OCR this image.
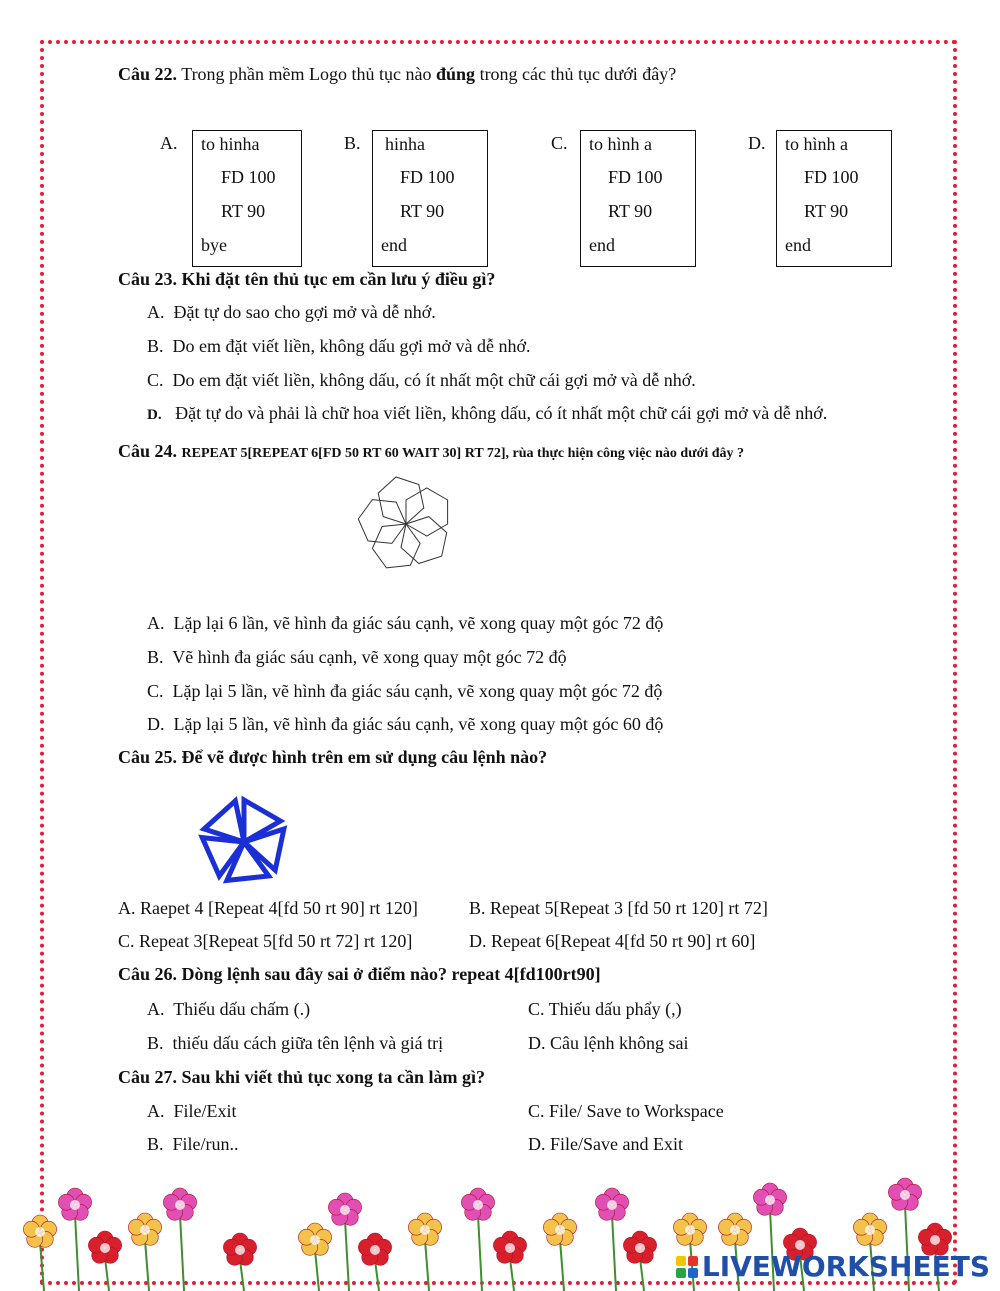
Câu 22. Trong phần mềm Logo thủ tục nào đúng trong các thủ tục dưới đây?
A. to hinha
FD 100
RT 90
bye
B. hinha
FD 100
RT 90
end
C. to hình a
FD 100
RT 90
end
D. to hình a
FD 100
RT 90
end
Câu 23. Khi đặt tên thủ tục em cần lưu ý điều gì?
A. Đặt tự do sao cho gợi mở và dễ nhớ.
B. Do em đặt viết liền, không dấu gợi mở và dễ nhớ.
C. Do em đặt viết liền, không dấu, có ít nhất một chữ cái gợi mở và dễ nhớ.
D. Đặt tự do và phải là chữ hoa viết liền, không dấu, có ít nhất một chữ cái gợi mở và dễ nhớ.
Câu 24. REPEAT 5[REPEAT 6[FD 50 RT 60 WAIT 30] RT 72], rùa thực hiện công việc nào dưới đây ?
A. Lặp lại 6 lần, vẽ hình đa giác sáu cạnh, vẽ xong quay một góc 72 độ
B. Vẽ hình đa giác sáu cạnh, vẽ xong quay một góc 72 độ
C. Lặp lại 5 lần, vẽ hình đa giác sáu cạnh, vẽ xong quay một góc 72 độ
D. Lặp lại 5 lần, vẽ hình đa giác sáu cạnh, vẽ xong quay một góc 60 độ
Câu 25. Để vẽ được hình trên em sử dụng câu lệnh nào?
A. Raepet 4 [Repeat 4[fd 50 rt 90] rt 120]	B. Repeat 5[Repeat 3 [fd 50 rt 120] rt 72]
C. Repeat 3[Repeat 5[fd 50 rt 72] rt 120]	D. Repeat 6[Repeat 4[fd 50 rt 90] rt 60]
Câu 26. Dòng lệnh sau đây sai ở điểm nào? repeat 4[fd100rt90]
A. Thiếu dấu chấm (.)	C. Thiếu dấu phẩy (,)
B. thiếu dấu cách giữa tên lệnh và giá trị	D. Câu lệnh không sai
Câu 27. Sau khi viết thủ tục xong ta cần làm gì?
A. File/Exit	C. File/ Save to Workspace
B. File/run..	D. File/Save and Exit
LIVEWORKSHEETS
